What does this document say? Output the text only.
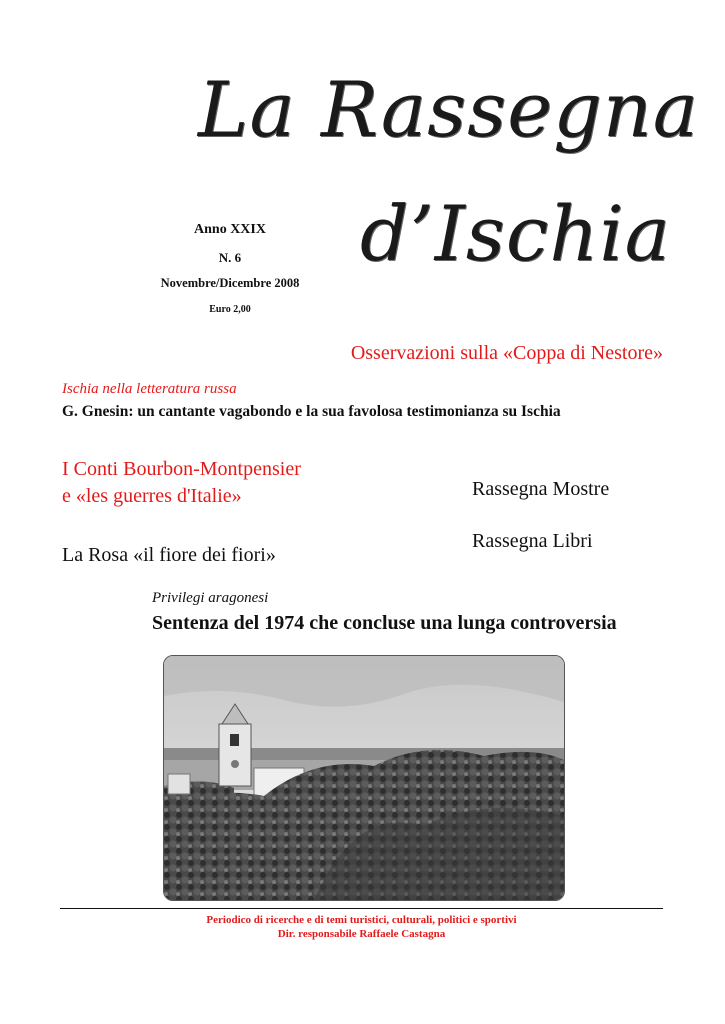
La Rassegna
d’Ischia
Anno XXIX
N. 6
Novembre/Dicembre 2008
Euro 2,00
Osservazioni sulla «Coppa di Nestore»
Ischia nella letteratura russa
G. Gnesin: un cantante vagabondo e la sua favolosa testimonianza su Ischia
I Conti Bourbon-Montpensier
e «les guerres d'Italie»	Rassegna Mostre
Rassegna Libri
La Rosa «il fiore dei fiori»
Privilegi aragonesi
Sentenza del 1974 che concluse una lunga controversia
Periodico di ricerche e di temi turistici, culturali, politici e sportivi
Dir. responsabile Raffaele Castagna
